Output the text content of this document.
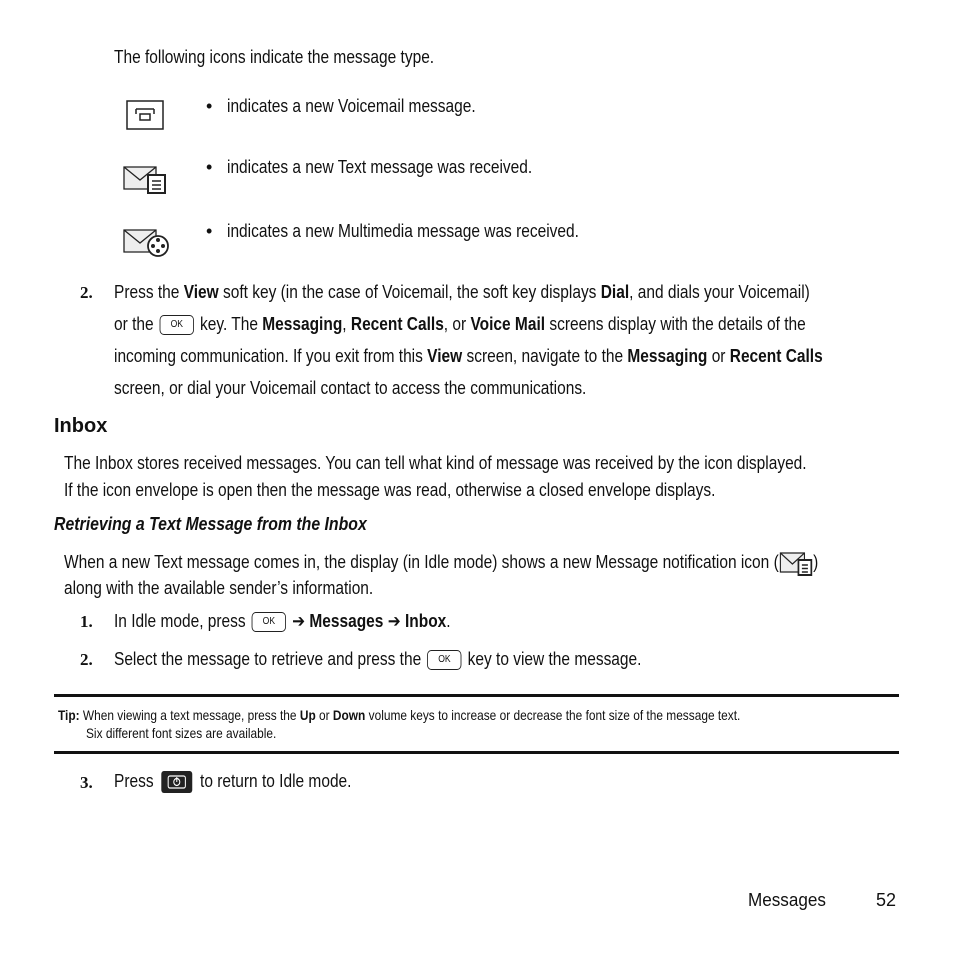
The following icons indicate the message type.
•   indicates a new Voicemail message.
•   indicates a new Text message was received.
•   indicates a new Multimedia message was received.
2. Press the View soft key (in the case of Voicemail, the soft key displays Dial, and dials your Voicemail)
or the OK key. The Messaging, Recent Calls, or Voice Mail screens display with the details of the
incoming communication. If you exit from this View screen, navigate to the Messaging or Recent Calls
screen, or dial your Voicemail contact to access the communications.
Inbox
The Inbox stores received messages. You can tell what kind of message was received by the icon displayed.
If the icon envelope is open then the message was read, otherwise a closed envelope displays.
Retrieving a Text Message from the Inbox
When a new Text message comes in, the display (in Idle mode) shows a new Message notification icon ( )
along with the available sender’s information.
1. In Idle mode, press OK ➔ Messages ➔ Inbox.
2. Select the message to retrieve and press the OK key to view the message.
Tip: When viewing a text message, press the Up or Down volume keys to increase or decrease the font size of the message text.
Six different font sizes are available.
3. Press
to return to Idle mode.
Messages	52
